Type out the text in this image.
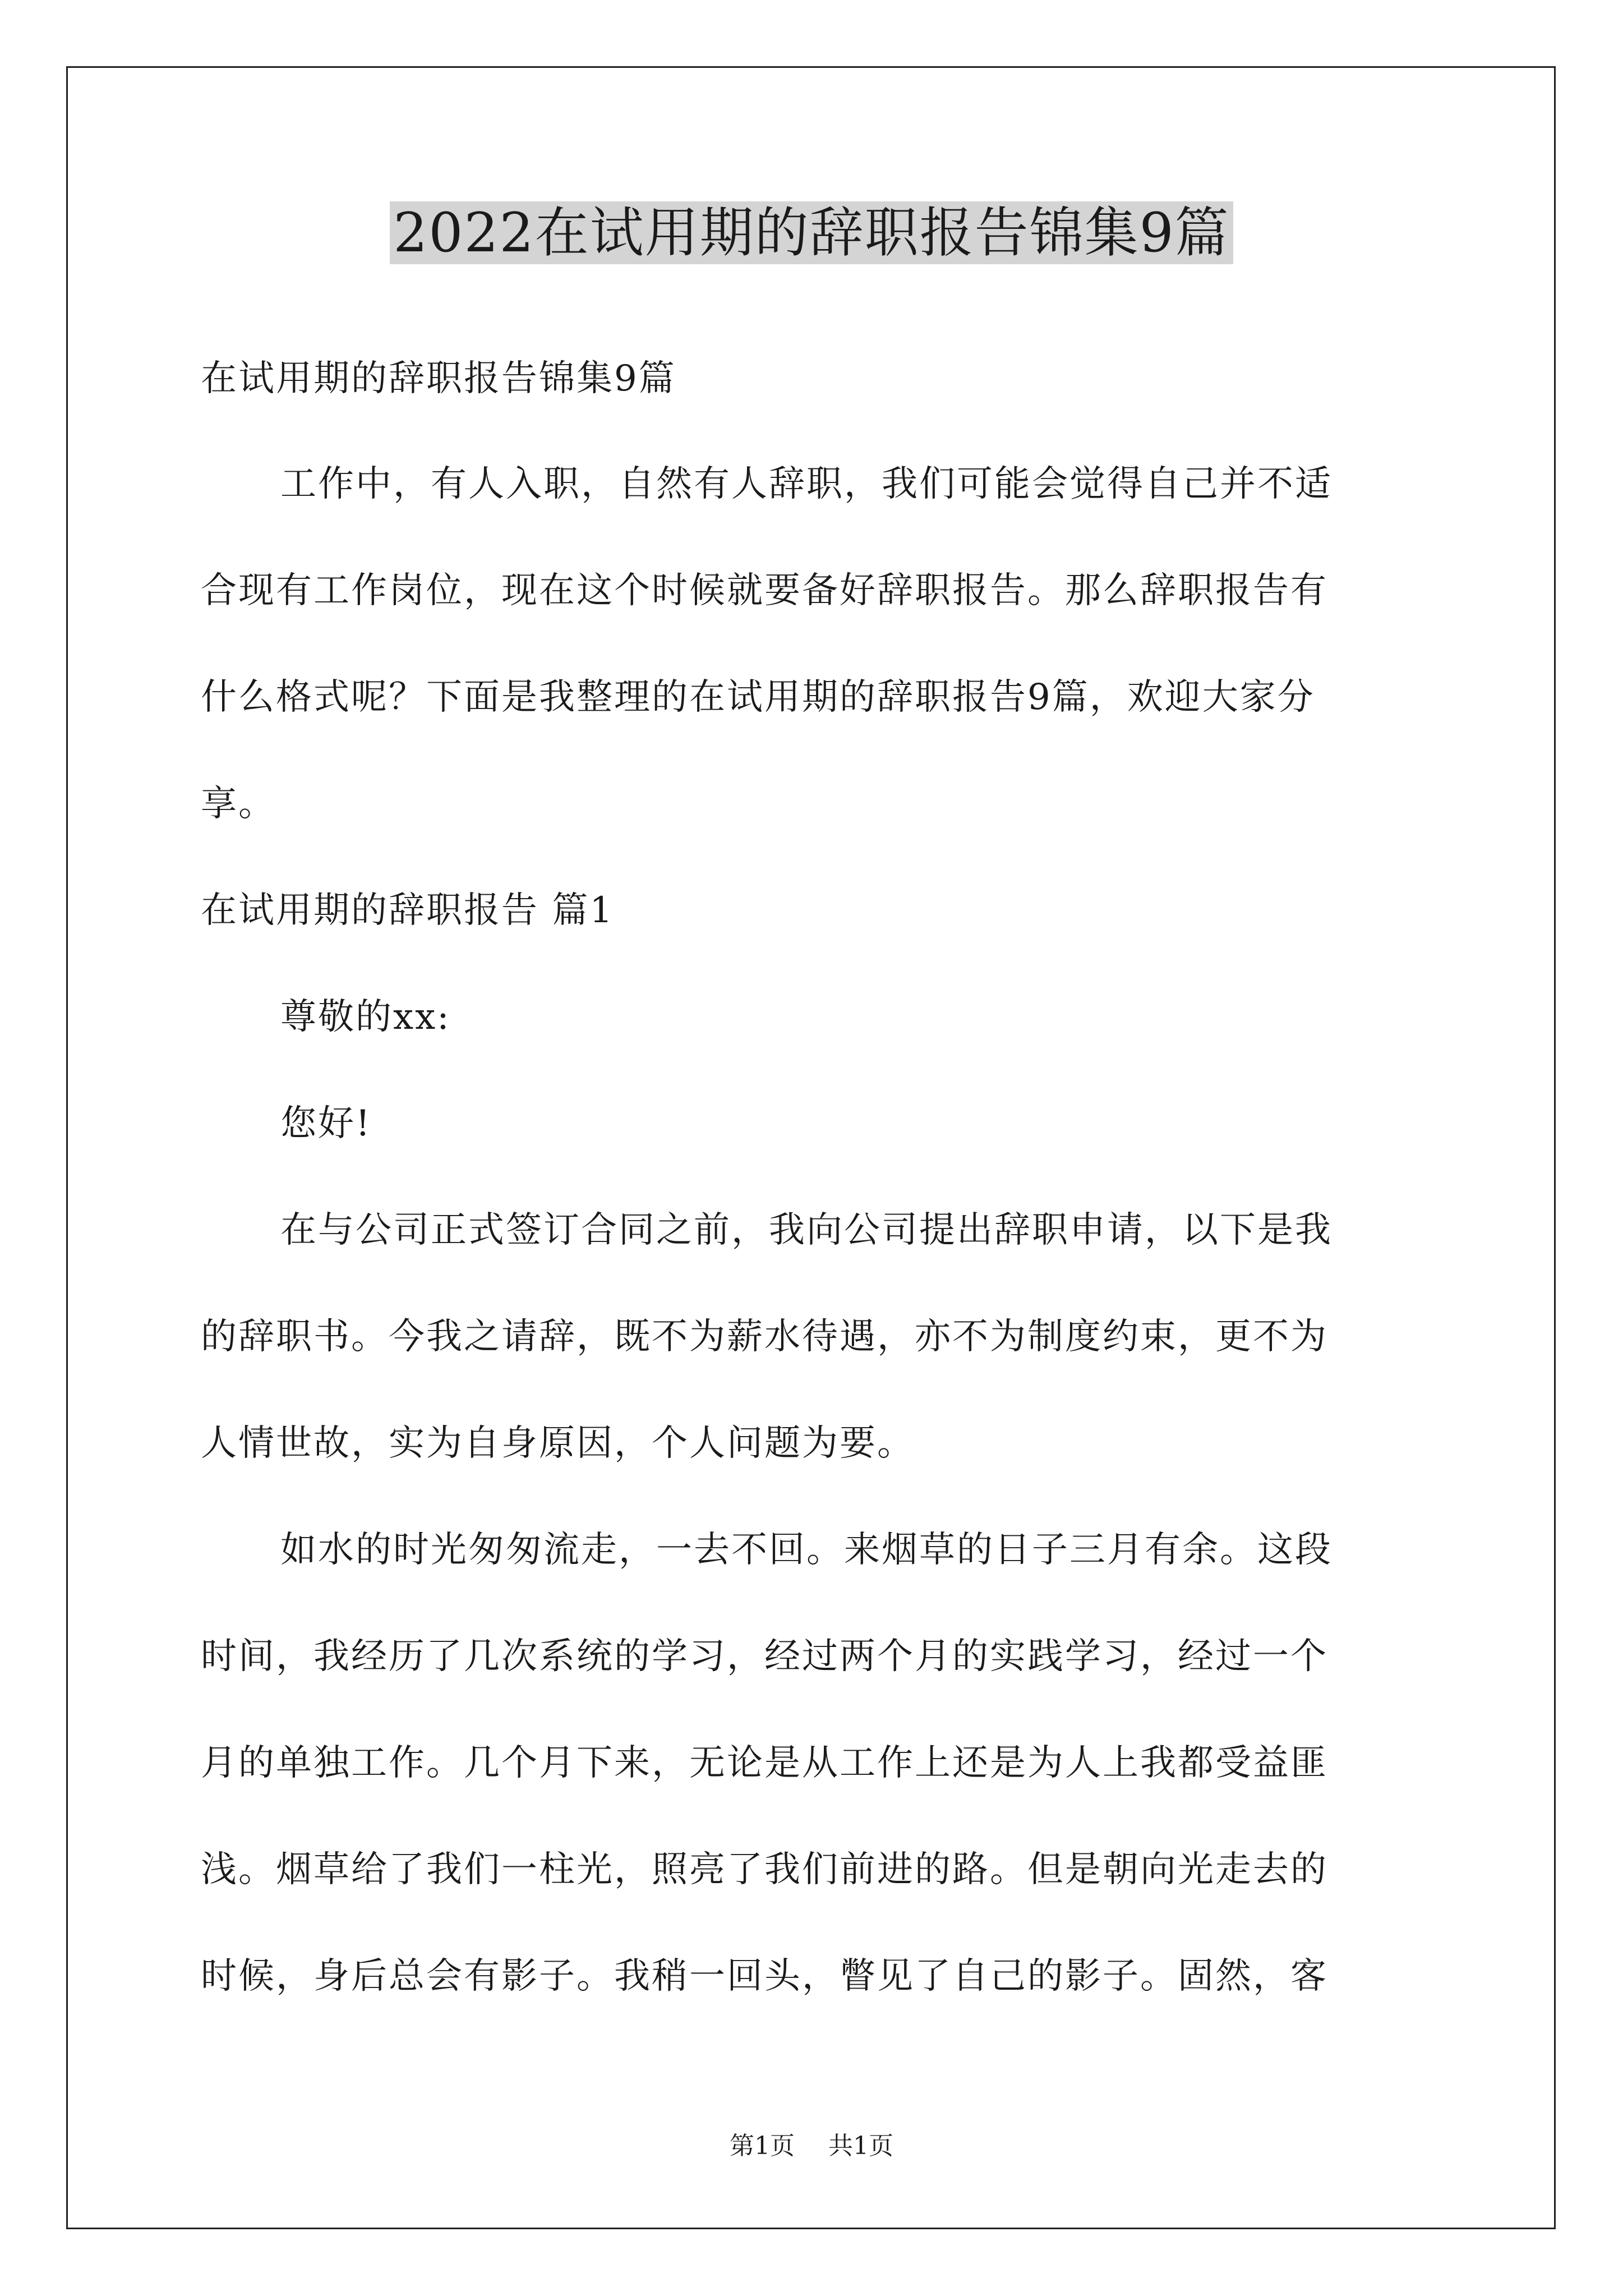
2022在试用期的辞职报告锦集9篇
在试用期的辞职报告锦集9篇
工作中，有人入职，自然有人辞职，我们可能会觉得自己并不适
合现有工作岗位，现在这个时候就要备好辞职报告。那么辞职报告有
什么格式呢？下面是我整理的在试用期的辞职报告9篇，欢迎大家分
享。
在试用期的辞职报告 篇1
尊敬的xx:
您好!
在与公司正式签订合同之前，我向公司提出辞职申请，以下是我
的辞职书。今我之请辞，既不为薪水待遇，亦不为制度约束，更不为
人情世故，实为自身原因，个人问题为要。
如水的时光匆匆流走，一去不回。来烟草的日子三月有余。这段
时间，我经历了几次系统的学习，经过两个月的实践学习，经过一个
月的单独工作。几个月下来，无论是从工作上还是为人上我都受益匪
浅。烟草给了我们一柱光，照亮了我们前进的路。但是朝向光走去的
时候，身后总会有影子。我稍一回头，瞥见了自己的影子。固然，客
第1页 共1页
